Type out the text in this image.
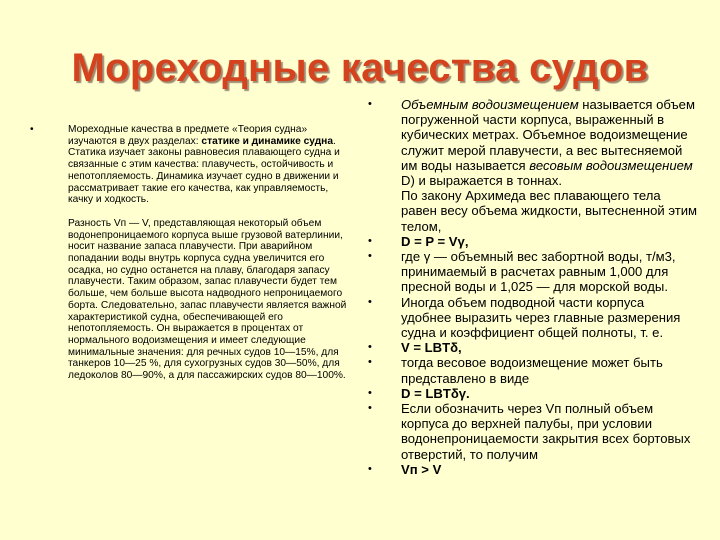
Мореходные качества судов
•	Мореходные качества в предмете «Теория судна» изучаются в двух разделах: статике и динамике судна. Статика изучает законы равновесия плавающего судна и связанные с этим качества: плавучесть, остойчивость и непотопляемость. Динамика изучает судно в движении и рассматривает такие его качества, как управляемость, качку и ходкость.
Разность Vп — V, представляющая некоторый объем водонепроницаемого корпуса выше грузовой ватерлинии, носит название запаса плавучести. При аварийном попадании воды внутрь корпуса судна увеличится его осадка, но судно останется на плаву, благодаря запасу плавучести. Таким образом, запас плавучести будет тем больше, чем больше высота надводного непроницаемого борта. Следовательно, запас плавучести является важной характеристикой судна, обеспечивающей его непотопляемость. Он выражается в процентах от нормального водоизмещения и имеет следующие минимальные значения: для речных судов 10—15%, для танкеров 10—25 %, для сухогрузных судов 30—50%, для ледоколов 80—90%, а для пассажирских судов 80—100%.
• Объемным водоизмещением называется объем погруженной части корпуса, выраженный в кубических метрах. Объемное водоизмещение служит мерой плавучести, а вес вытесняемой им воды называется весовым водоизмещением D) и выражается в тоннах.
По закону Архимеда вес плавающего тела равен весу объема жидкости, вытесненной этим телом,
• D = P = Vγ,
• где γ — объемный вес забортной воды, т/м3, принимаемый в расчетах равным 1,000 для пресной воды и 1,025 — для морской воды.
• Иногда объем подводной части корпуса удобнее выразить через главные размерения судна и коэффициент общей полноты, т. е.
• V = LBTδ,
• тогда весовое водоизмещение может быть представлено в виде
• D = LBTδγ.
• Если обозначить через Vп полный объем корпуса до верхней палубы, при условии водонепроницаемости закрытия всех бортовых отверстий, то получим
• Vп > V
